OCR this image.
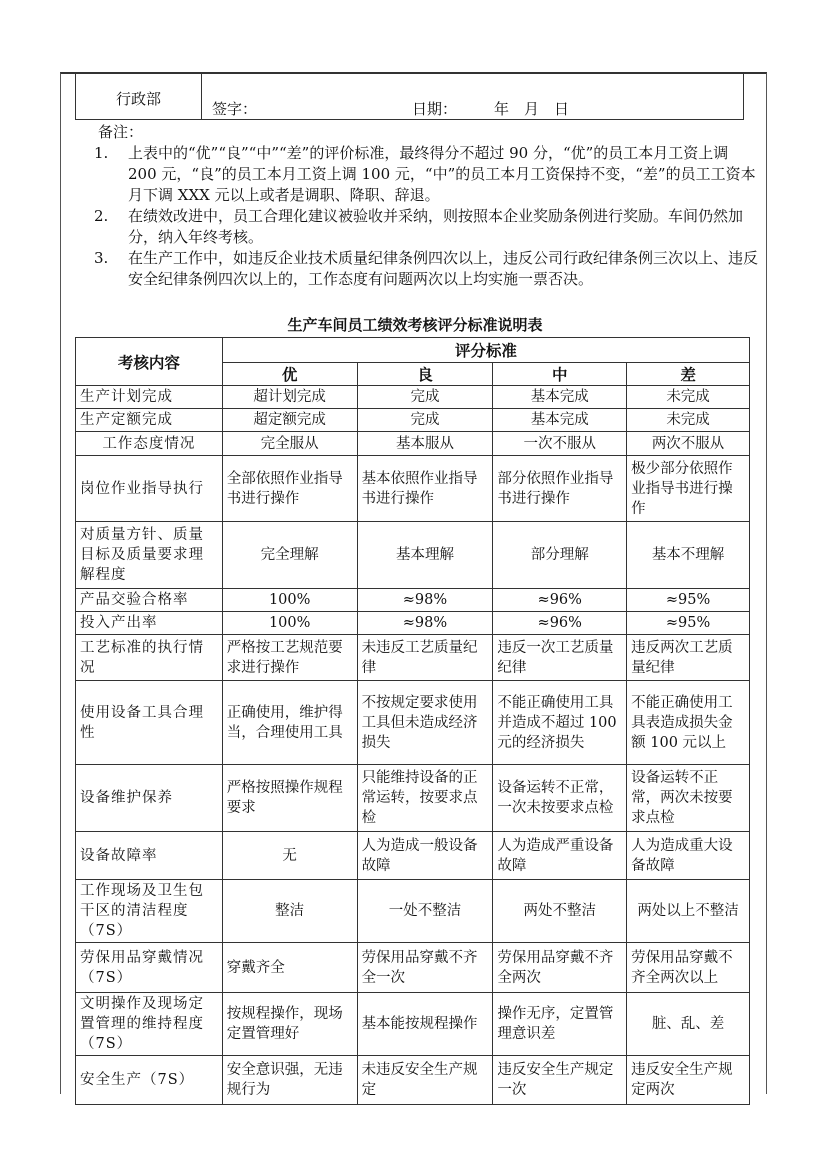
行政部
签字：	日期： 年　月　日
备注：
1.	上表中的“优”“良”“中”“差”的评价标准，最终得分不超过 90 分，“优”的员工本月工资上调 200 元，“良”的员工本月工资上调 100 元，“中”的员工本月工资保持不变，“差”的员工工资本月下调 XXX 元以上或者是调职、降职、辞退。
2.	在绩效改进中，员工合理化建议被验收并采纳，则按照本企业奖励条例进行奖励。车间仍然加分，纳入年终考核。
3.	在生产工作中，如违反企业技术质量纪律条例四次以上，违反公司行政纪律条例三次以上、违反安全纪律条例四次以上的，工作态度有问题两次以上均实施一票否决。
生产车间员工绩效考核评分标准说明表
考核内容	评分标准			
	优	良	中	差
生产计划完成	超计划完成	完成	基本完成	未完成
生产定额完成	超定额完成	完成	基本完成	未完成
工作态度情况	完全服从	基本服从	一次不服从	两次不服从
岗位作业指导执行	全部依照作业指导书进行操作	基本依照作业指导书进行操作	部分依照作业指导书进行操作	极少部分依照作业指导书进行操作
对质量方针、质量目标及质量要求理解程度	完全理解	基本理解	部分理解	基本不理解
产品交验合格率	100%	≈98%	≈96%	≈95%
投入产出率	100%	≈98%	≈96%	≈95%
工艺标准的执行情况	严格按工艺规范要求进行操作	未违反工艺质量纪律	违反一次工艺质量纪律	违反两次工艺质量纪律
使用设备工具合理性	正确使用，维护得当，合理使用工具	不按规定要求使用工具但未造成经济损失	不能正确使用工具并造成不超过 100 元的经济损失	不能正确使用工具表造成损失金额 100 元以上
设备维护保养	严格按照操作规程要求	只能维持设备的正常运转，按要求点检	设备运转不正常，一次未按要求点检	设备运转不正常，两次未按要求点检
设备故障率	无	人为造成一般设备故障	人为造成严重设备故障	人为造成重大设备故障
工作现场及卫生包干区的清洁程度（7S）	整洁	一处不整洁	两处不整洁	两处以上不整洁
劳保用品穿戴情况（7S）	穿戴齐全	劳保用品穿戴不齐全一次	劳保用品穿戴不齐全两次	劳保用品穿戴不齐全两次以上
文明操作及现场定置管理的维持程度（7S）	按规程操作，现场定置管理好	基本能按规程操作	操作无序，定置管理意识差	脏、乱、差
安全生产（7S）	安全意识强，无违规行为	未违反安全生产规定	违反安全生产规定一次	违反安全生产规定两次
